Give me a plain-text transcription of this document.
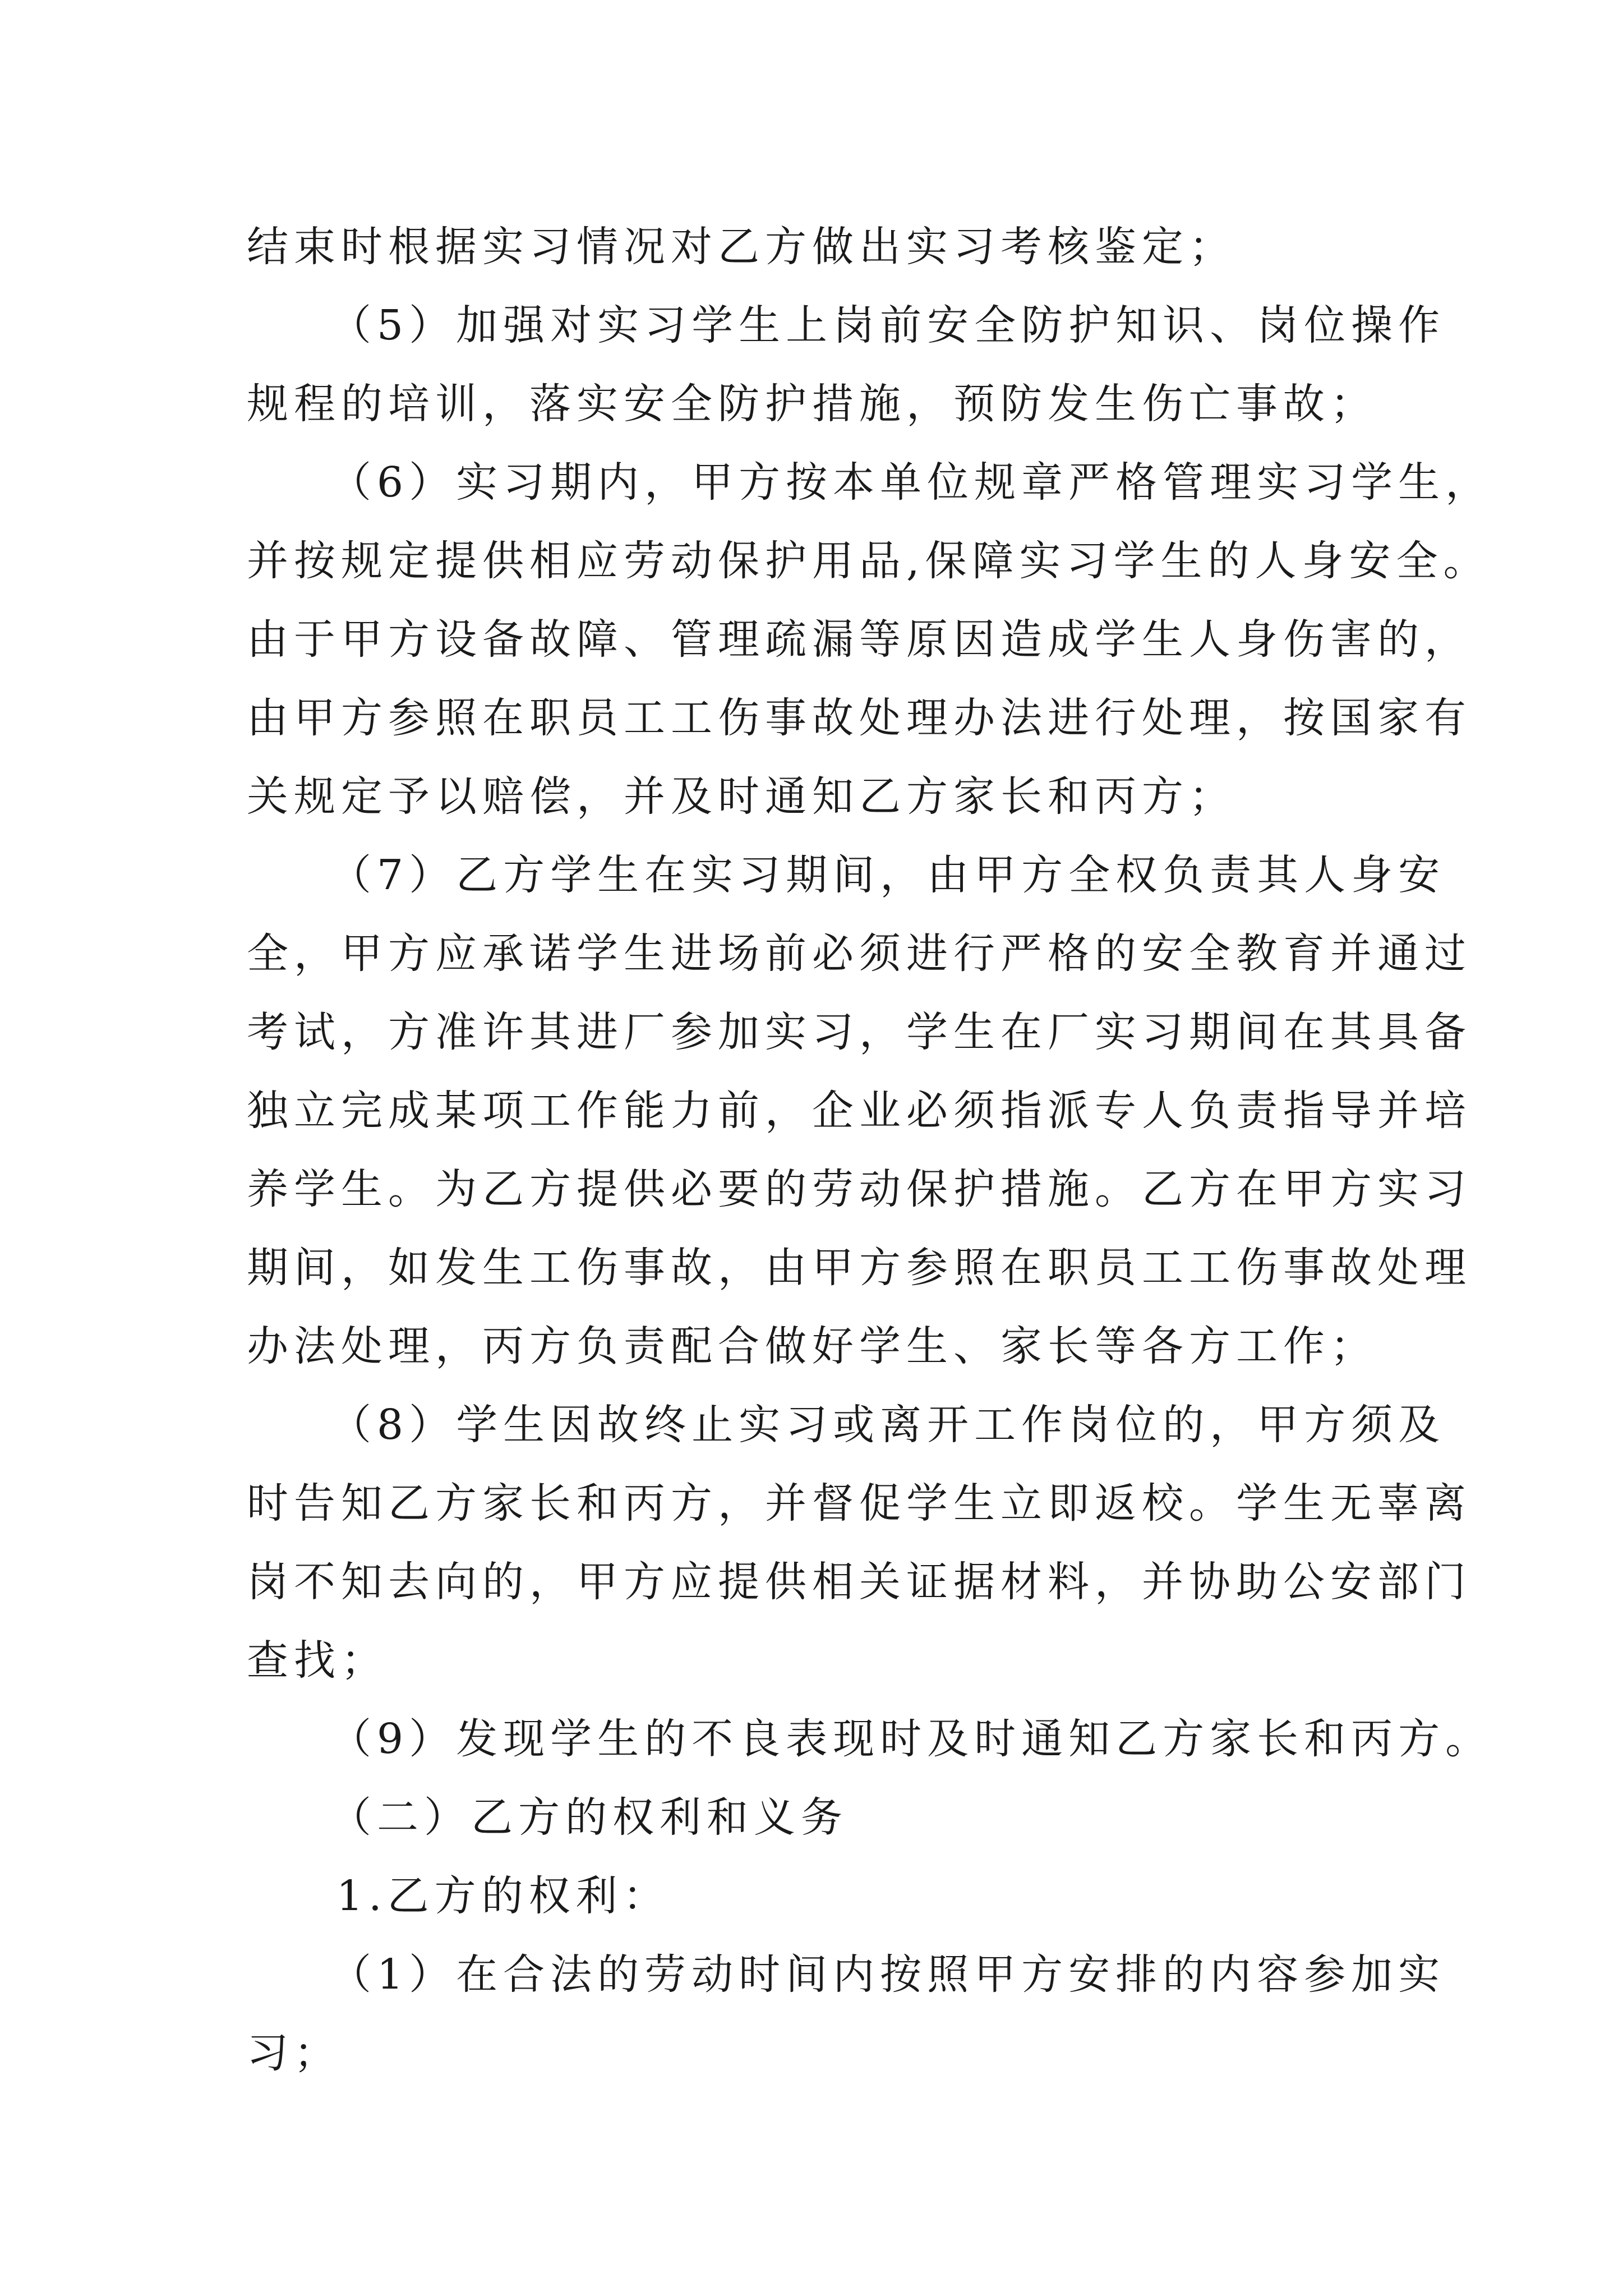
结束时根据实习情况对乙方做出实习考核鉴定；
（5）加强对实习学生上岗前安全防护知识、岗位操作
规程的培训，落实安全防护措施，预防发生伤亡事故；
（6）实习期内，甲方按本单位规章严格管理实习学生，
并按规定提供相应劳动保护用品,保障实习学生的人身安全。
由于甲方设备故障、管理疏漏等原因造成学生人身伤害的，
由甲方参照在职员工工伤事故处理办法进行处理，按国家有
关规定予以赔偿，并及时通知乙方家长和丙方；
（7）乙方学生在实习期间，由甲方全权负责其人身安
全，甲方应承诺学生进场前必须进行严格的安全教育并通过
考试，方准许其进厂参加实习，学生在厂实习期间在其具备
独立完成某项工作能力前，企业必须指派专人负责指导并培
养学生。为乙方提供必要的劳动保护措施。乙方在甲方实习
期间，如发生工伤事故，由甲方参照在职员工工伤事故处理
办法处理，丙方负责配合做好学生、家长等各方工作；
（8）学生因故终止实习或离开工作岗位的，甲方须及
时告知乙方家长和丙方，并督促学生立即返校。学生无辜离
岗不知去向的，甲方应提供相关证据材料，并协助公安部门
查找；
（9）发现学生的不良表现时及时通知乙方家长和丙方。
（二）乙方的权利和义务
1.乙方的权利：
（1）在合法的劳动时间内按照甲方安排的内容参加实
习；
